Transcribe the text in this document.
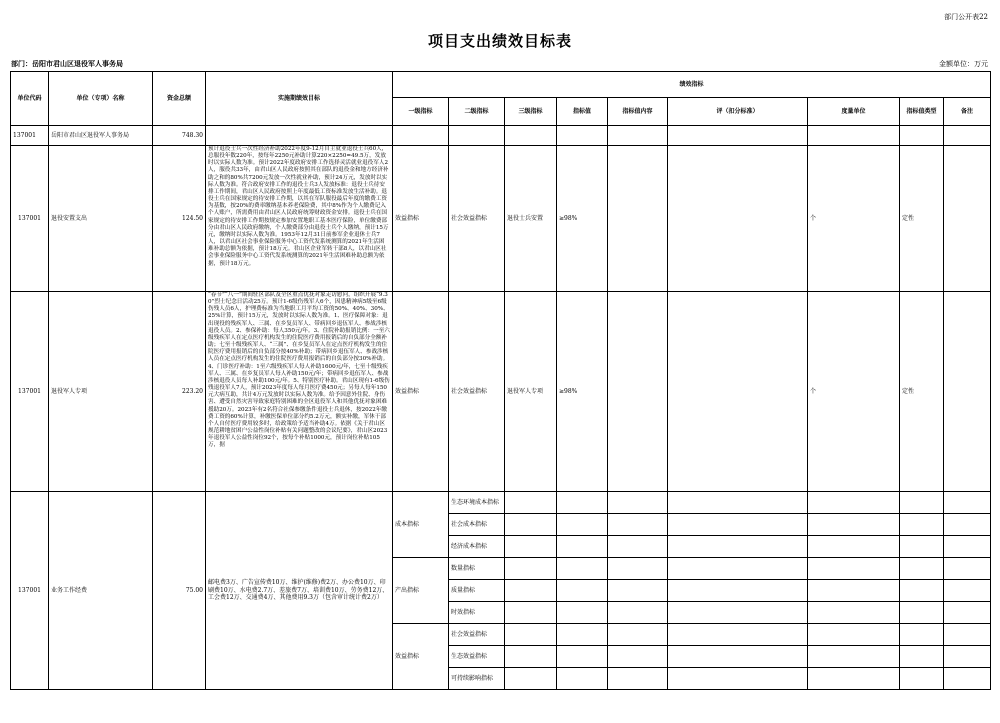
部门公开表22
项目支出绩效目标表
部门：岳阳市君山区退役军人事务局	金额单位：万元
单位代码	单位（专项）名称	资金总额	实施期绩效目标	绩效指标								
				一级指标	二级指标	三级指标	指标值	指标值内容	评（扣分标准）	度量单位	指标值类型	备注
137001	岳阳市君山区退役军人事务局	748.30										
137001	退役安置支出	124.50	预计退役士兵一次性经济补助2022年度9-12月自主就业退役士兵60人，总服役年数220年，按每年2250元补助计算220×2250=49.5万，发放时以实际人数为准。预计2022年度政府安排工作选择灵活就业退役军人2人，服役共33年，由君山区人民政府按照其在部队的退役金和地方经济补助之和的80%共7200元发放一次性就业补助，预计24万元，发放时以实际人数为准。符合政府安排工作的退役士兵3人发放标准：退役士兵待安排工作期间，君山区人民政府按照上年度最低工资标准发放生活补助。退役士兵在国家规定的待安排工作期，以其在军队服役最后年度的缴费工资为基数，按20%的费率缴纳基本养老保险费，其中8%作为个人缴费记入个人账户，所需费用由君山区人民政府统筹财政资金安排。退役士兵在国家规定的待安排工作期按规定参加安置地职工基本医疗保险，单位缴费部分由君山区人民政府缴纳，个人缴费部分由退役士兵个人缴纳，预计15万元，缴纳时以实际人数为准。1953年12月31日前参军企业退休士兵7人，以君山区社会事业保险服务中心工资代发系统测算的2021年生活困难补助总额为依据，预计18万元。君山区企业军转干部8人，以君山区社会事业保险服务中心工资代发系统测算的2021年生活困难补助总额为依据，预计18万元。	效益指标	社会效益指标	退役士兵安置	≥98%			个	定性	
137001	退役军人专项	223.20	“春节”“八一”期间驻区部队及全区重点优抚对象走访慰问，组织开展“9.30”烈士纪念日活动25万。预计1-6级伤残军人6个，因患精神病5级至6级伤残人员6人，护理费标准为当地职工月平均工资的50%、40%、30%、25%计算，预计15万元，发放时以实际人数为准。1、医疗保障对象：退出现役的残疾军人、三属、在乡复员军人、带病回乡退伍军人、参战涉核退役人员。2、参保补助：每人350元/年。3、住院补助报销比例：一至六级残疾军人在定点医疗机构发生的住院医疗费用报销后的自负部分全额补助；七至十级残疾军人、“三属”、在乡复员军人在定点医疗机构发生的住院医疗费用报销后的自负部分按40%补助；带病回乡退伍军人、参战涉核人员在定点医疗机构发生的住院医疗费用报销后的自负部分按30%补助。4、门诊医疗补助：1至六级残疾军人每人补助1600元/年，七至十级残疾军人、三属、在乡复员军人每人补助150元/年；带病回乡退伍军人、参战涉核退役人员每人补助100元/年。5、特别医疗补助。君山区现有1-6级伤残退役军人7人，预计2023年度每人每月医疗费450元；另每人每年150元大病互助，共计4万元发放时以实际人数为准。给予因意外住院、身伤害、遭受自然灾害导致家庭特别困难的全区退役军人和其他优抚对象困难援助20万。2023年有2名符合社保参缴条件退役士兵退休，按2022年缴费工资的60%计算，补缴医保单位部分约5.2万元，额实补缴，军休干部个人自付医疗费用较多时，给政策给予适当补助4万。依据《关于君山区规范耕地贫困户公益性岗位补贴有关问题整改的会议纪要》，君山区2023年退役军人公益性岗位92个，按每个补贴1000元，预计岗位补贴105万，据	效益指标	社会效益指标	退役军人专项	≥98%			个	定性	
137001	业务工作经费	75.00	邮电费3万、广告宣传费10万、维护(维修)费2万、办公费10万、印刷费10万、水电费2.7万、差旅费7万、培训费10万、劳务费12万、工会费12万、交通费4万、其他费用9.3万（包含审计统计费2万）	成本指标	生态环境成本指标							
					社会成本指标							
					经济成本指标							
				产出指标	数量指标							
					质量指标							
					时效指标							
				效益指标	社会效益指标							
					生态效益指标							
					可持续影响指标							
